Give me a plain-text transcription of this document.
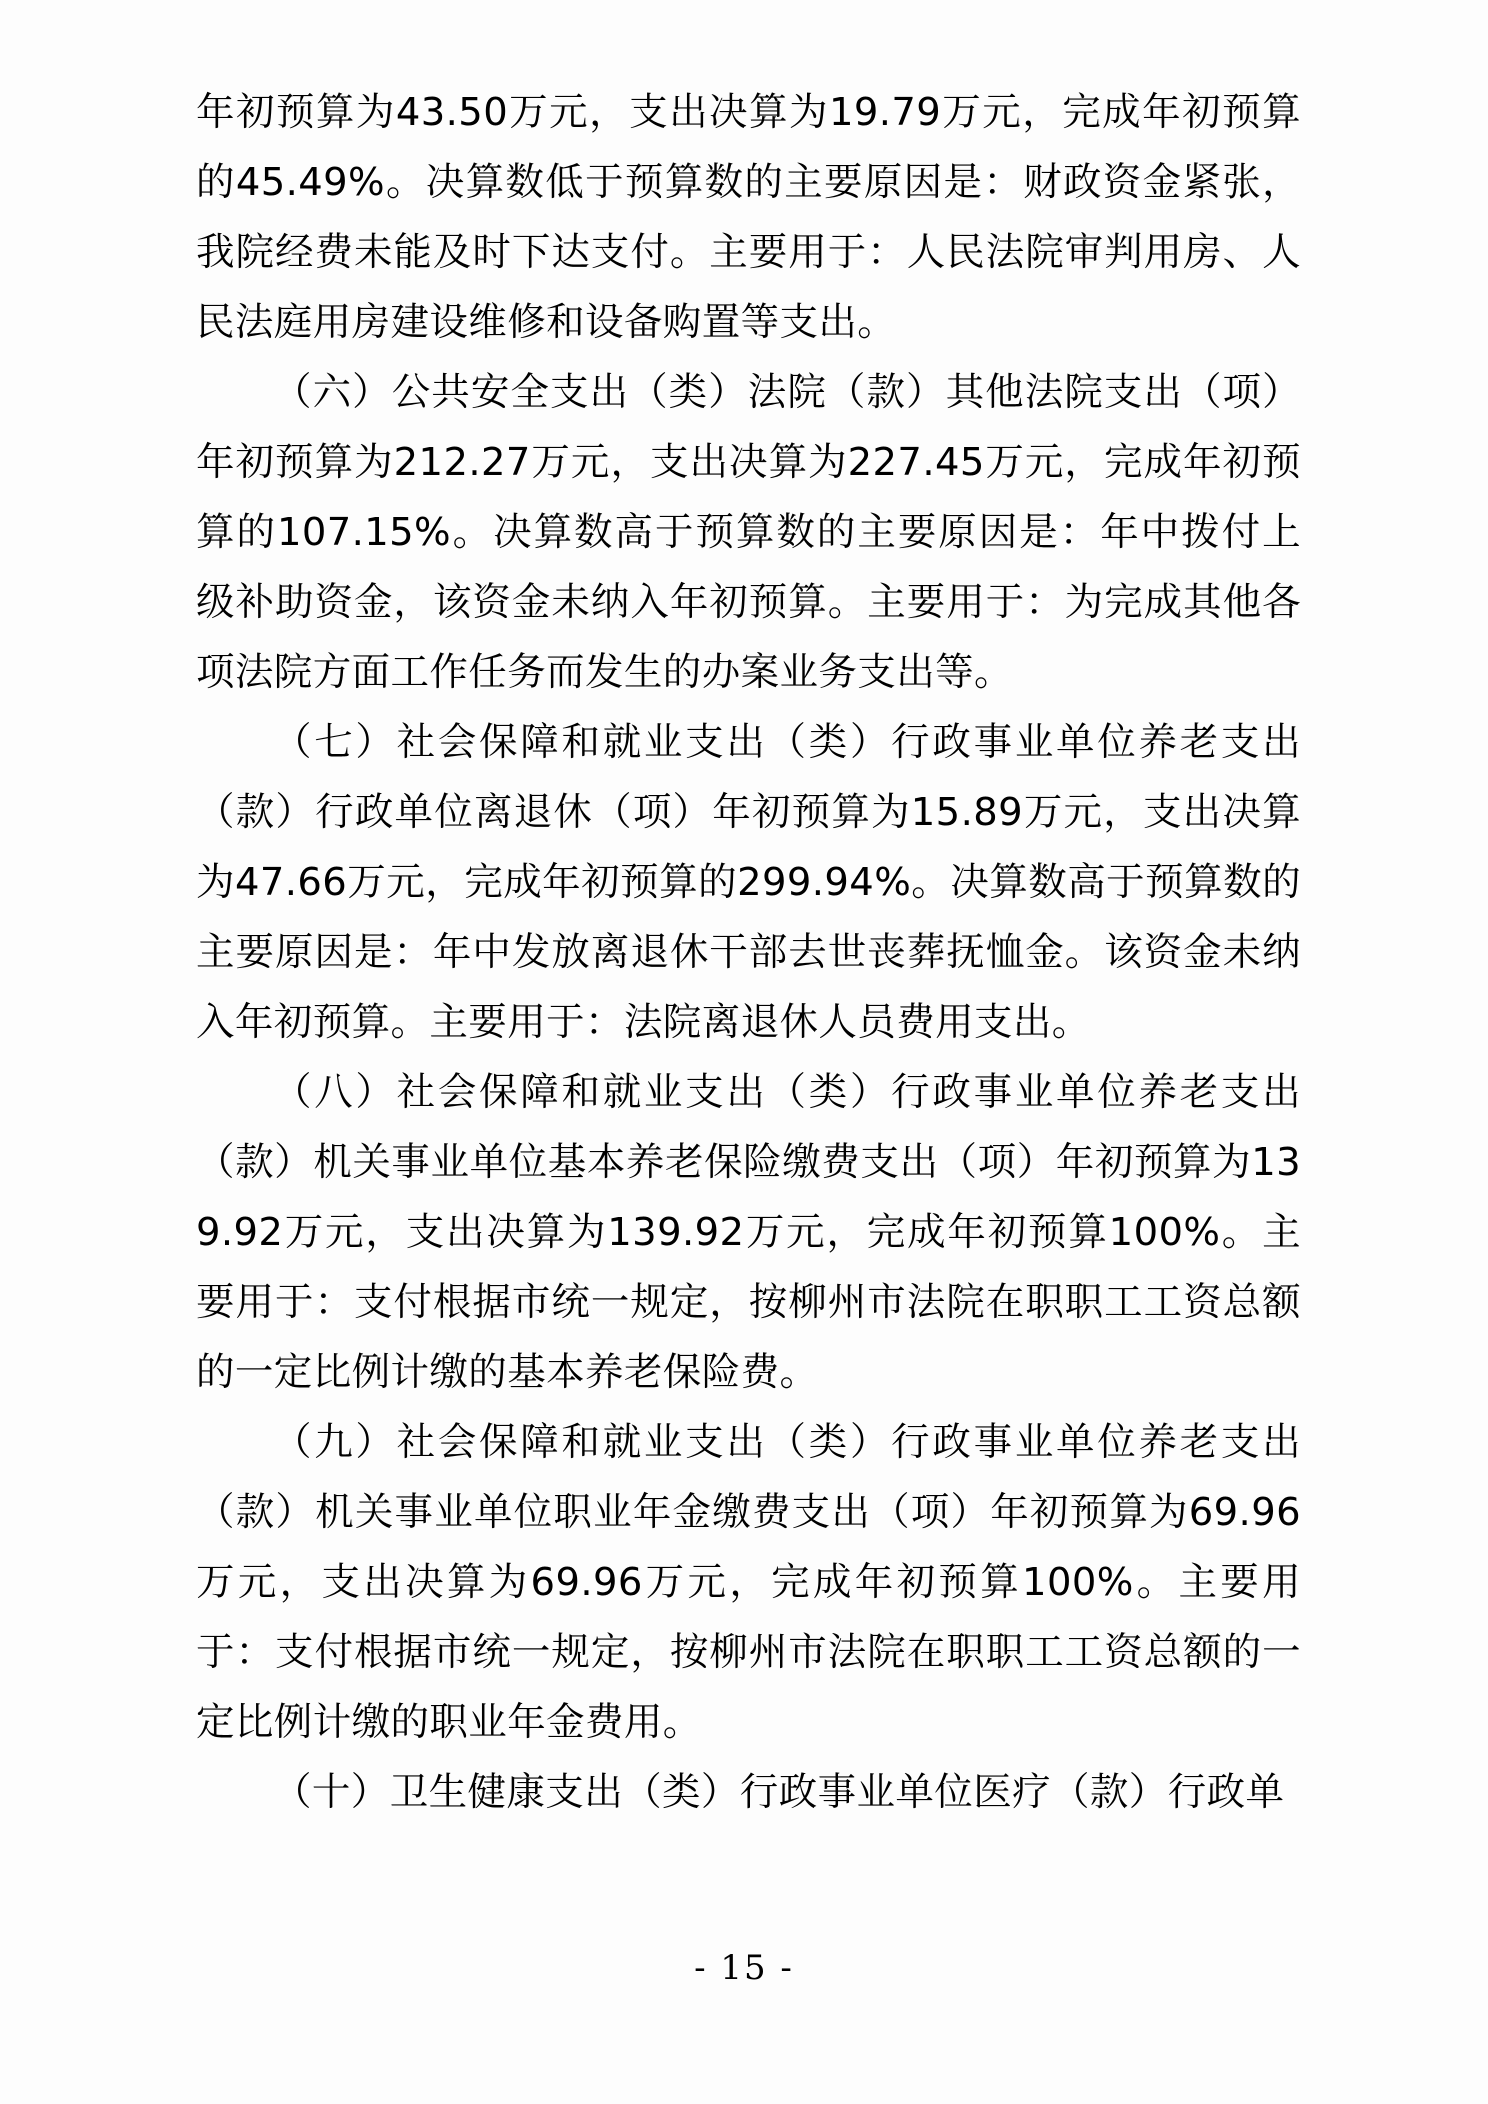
年初预算为43.50万元，支出决算为19.79万元，完成年初预算的45.49%。决算数低于预算数的主要原因是：财政资金紧张，我院经费未能及时下达支付。主要用于：人民法院审判用房、人民法庭用房建设维修和设备购置等支出。

（六）公共安全支出（类）法院（款）其他法院支出（项）年初预算为212.27万元，支出决算为227.45万元，完成年初预算的107.15%。决算数高于预算数的主要原因是：年中拨付上级补助资金，该资金未纳入年初预算。主要用于：为完成其他各项法院方面工作任务而发生的办案业务支出等。

（七）社会保障和就业支出（类）行政事业单位养老支出（款）行政单位离退休（项）年初预算为15.89万元，支出决算为47.66万元，完成年初预算的299.94%。决算数高于预算数的主要原因是：年中发放离退休干部去世丧葬抚恤金。该资金未纳入年初预算。主要用于：法院离退休人员费用支出。

（八）社会保障和就业支出（类）行政事业单位养老支出（款）机关事业单位基本养老保险缴费支出（项）年初预算为139.92万元，支出决算为139.92万元，完成年初预算100%。主要用于：支付根据市统一规定，按柳州市法院在职职工工资总额的一定比例计缴的基本养老保险费。

（九）社会保障和就业支出（类）行政事业单位养老支出（款）机关事业单位职业年金缴费支出（项）年初预算为69.96万元，支出决算为69.96万元，完成年初预算100%。主要用于：支付根据市统一规定，按柳州市法院在职职工工资总额的一定比例计缴的职业年金费用。

（十）卫生健康支出（类）行政事业单位医疗（款）行政单

- 15 -
